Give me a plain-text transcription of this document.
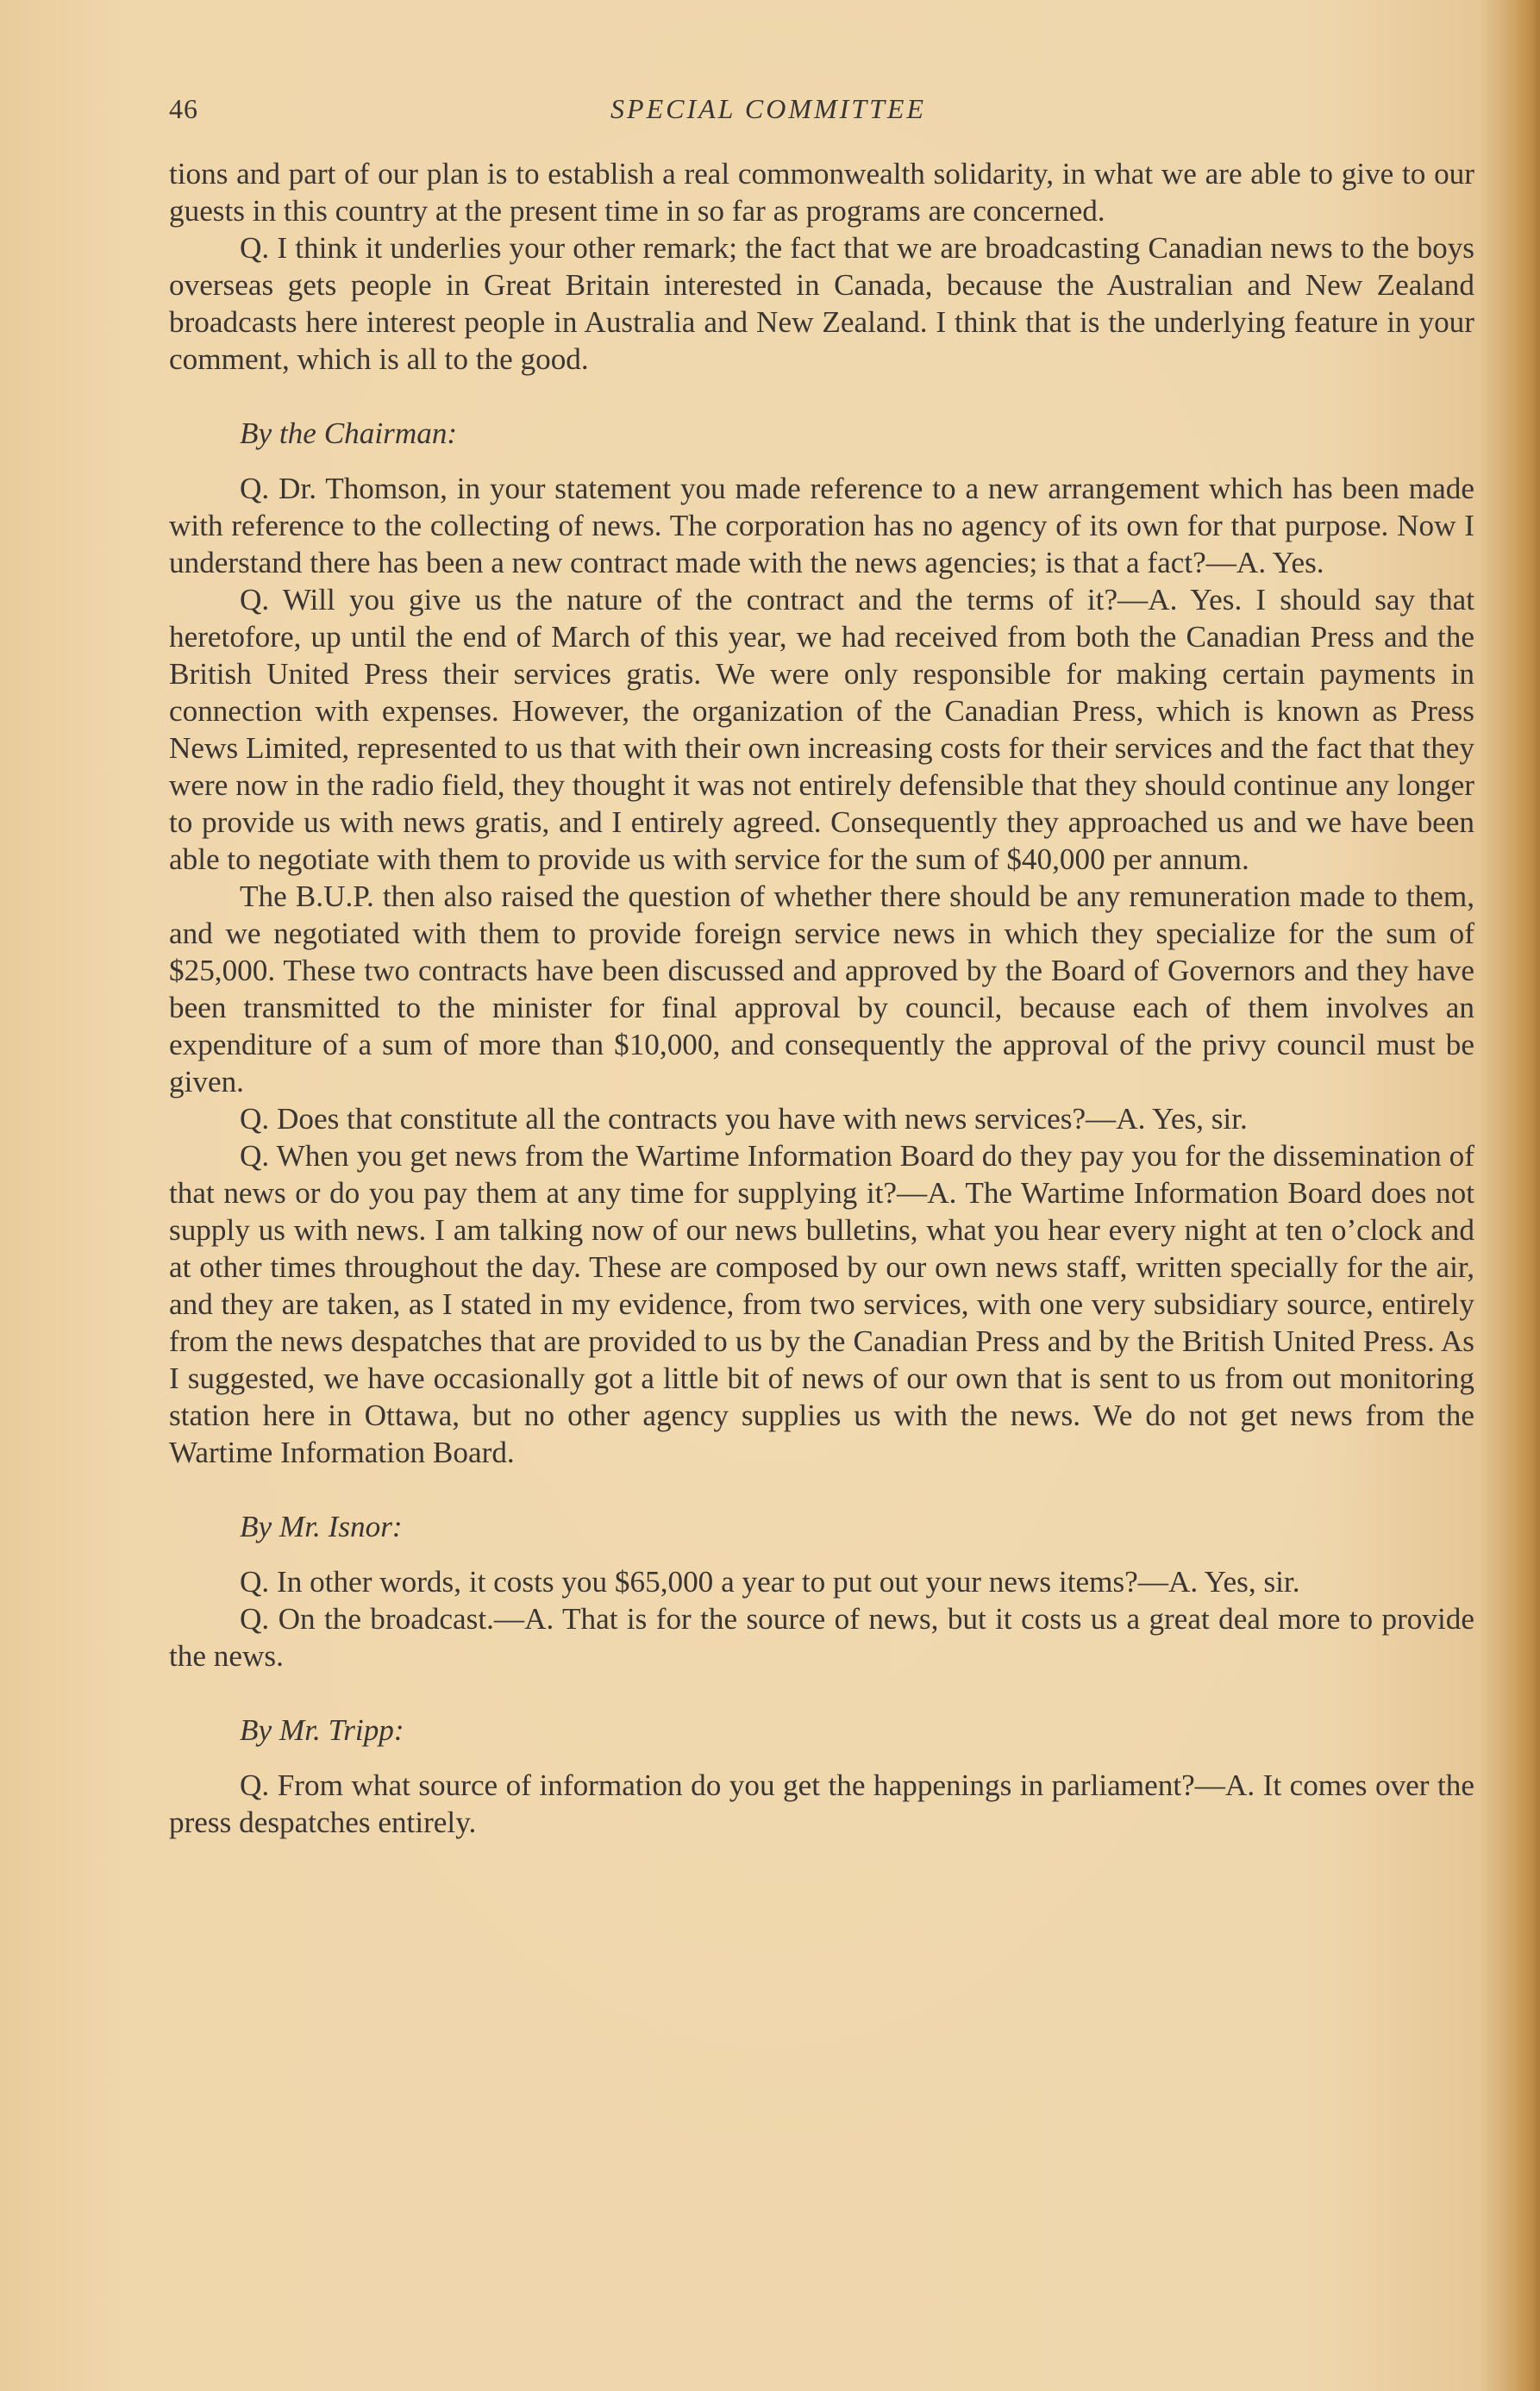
46	SPECIAL COMMITTEE

tions and part of our plan is to establish a real commonwealth solidarity, in what we are able to give to our guests in this country at the present time in so far as programs are concerned.

Q. I think it underlies your other remark; the fact that we are broadcasting Canadian news to the boys overseas gets people in Great Britain interested in Canada, because the Australian and New Zealand broadcasts here interest people in Australia and New Zealand. I think that is the underlying feature in your comment, which is all to the good.

By the Chairman:

Q. Dr. Thomson, in your statement you made reference to a new arrangement which has been made with reference to the collecting of news. The corporation has no agency of its own for that purpose. Now I understand there has been a new contract made with the news agencies; is that a fact?—A. Yes.

Q. Will you give us the nature of the contract and the terms of it?—A. Yes. I should say that heretofore, up until the end of March of this year, we had received from both the Canadian Press and the British United Press their services gratis. We were only responsible for making certain payments in connection with expenses. However, the organization of the Canadian Press, which is known as Press News Limited, represented to us that with their own increasing costs for their services and the fact that they were now in the radio field, they thought it was not entirely defensible that they should continue any longer to provide us with news gratis, and I entirely agreed. Consequently they approached us and we have been able to negotiate with them to provide us with service for the sum of $40,000 per annum.

The B.U.P. then also raised the question of whether there should be any remuneration made to them, and we negotiated with them to provide foreign service news in which they specialize for the sum of $25,000. These two contracts have been discussed and approved by the Board of Governors and they have been transmitted to the minister for final approval by council, because each of them involves an expenditure of a sum of more than $10,000, and consequently the approval of the privy council must be given.

Q. Does that constitute all the contracts you have with news services?—A. Yes, sir.

Q. When you get news from the Wartime Information Board do they pay you for the dissemination of that news or do you pay them at any time for supplying it?—A. The Wartime Information Board does not supply us with news. I am talking now of our news bulletins, what you hear every night at ten o’clock and at other times throughout the day. These are composed by our own news staff, written specially for the air, and they are taken, as I stated in my evidence, from two services, with one very subsidiary source, entirely from the news despatches that are provided to us by the Canadian Press and by the British United Press. As I suggested, we have occasionally got a little bit of news of our own that is sent to us from out monitoring station here in Ottawa, but no other agency supplies us with the news. We do not get news from the Wartime Information Board.

By Mr. Isnor:

Q. In other words, it costs you $65,000 a year to put out your news items?—A. Yes, sir.

Q. On the broadcast.—A. That is for the source of news, but it costs us a great deal more to provide the news.

By Mr. Tripp:

Q. From what source of information do you get the happenings in parliament?—A. It comes over the press despatches entirely.
